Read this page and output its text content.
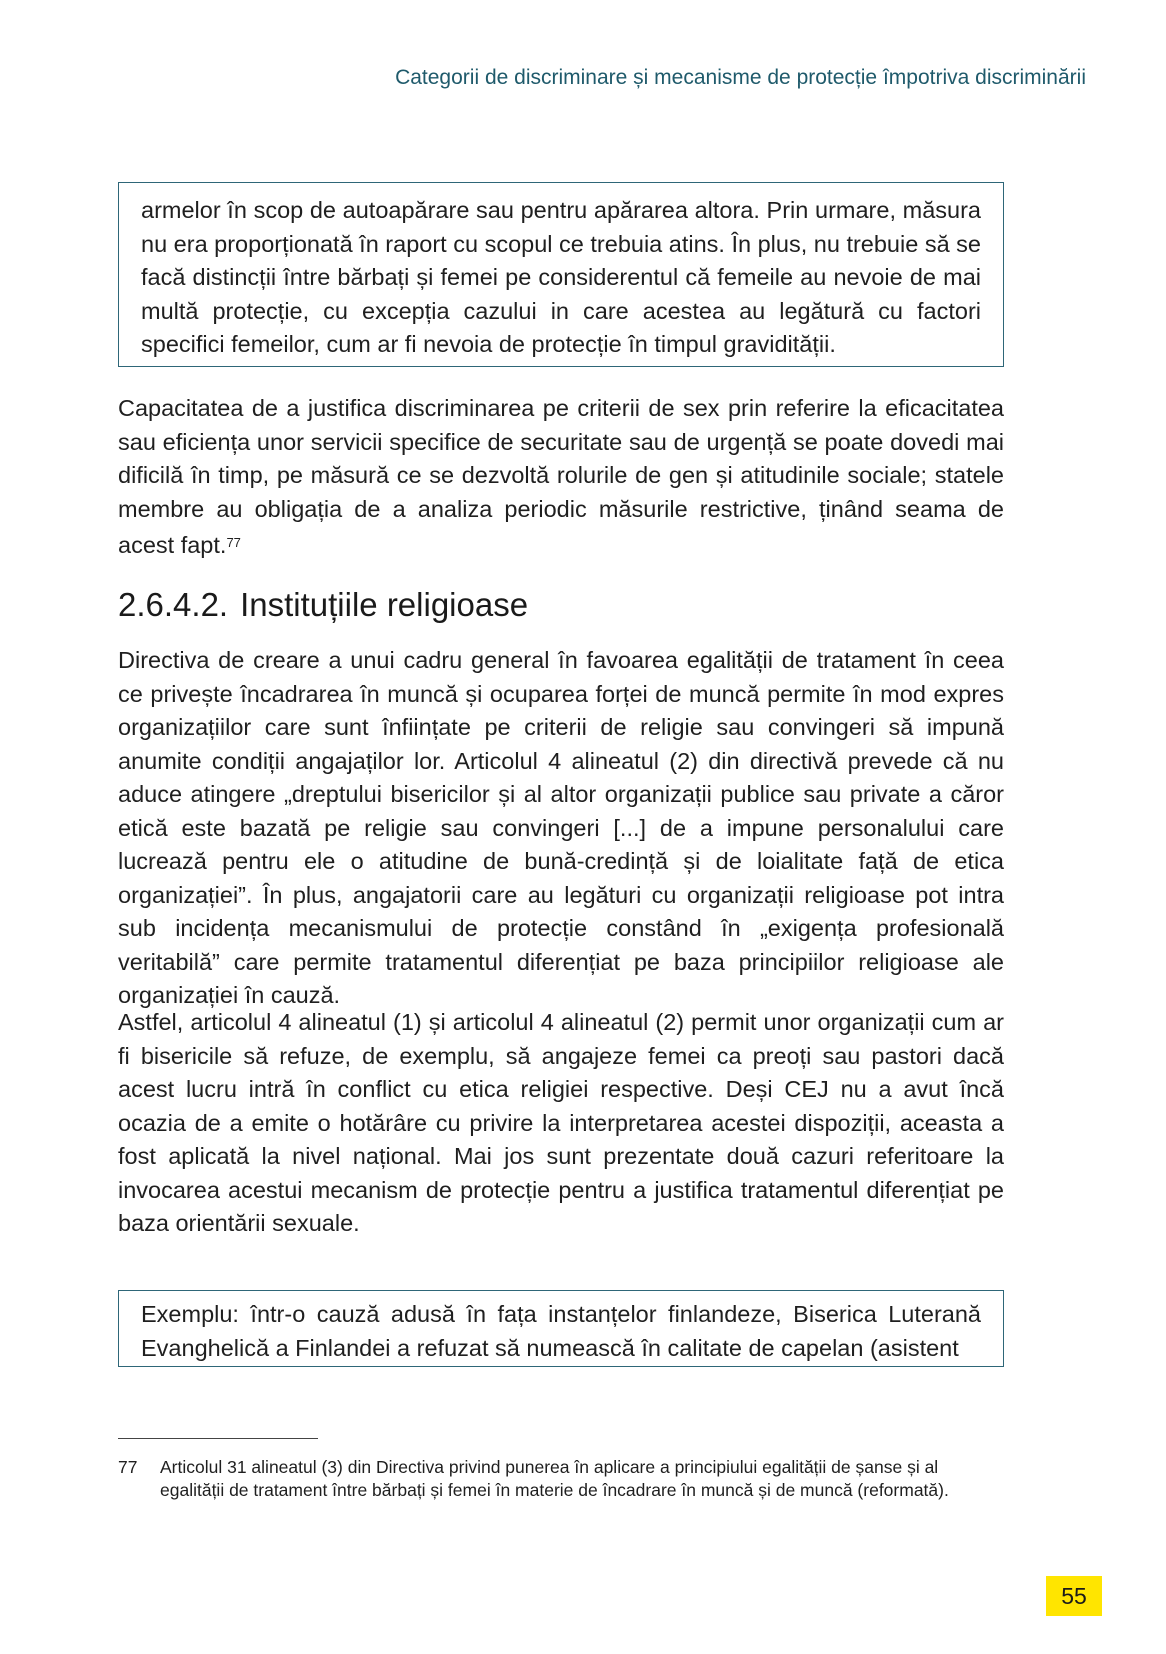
Categorii de discriminare și mecanisme de protecție împotriva discriminării

armelor în scop de autoapărare sau pentru apărarea altora. Prin urmare, măsura nu era proporționată în raport cu scopul ce trebuia atins. În plus, nu trebuie să se facă distincții între bărbați și femei pe considerentul că femeile au nevoie de mai multă protecție, cu excepția cazului in care acestea au legătură cu factori specifici femeilor, cum ar fi nevoia de protecție în timpul gravidității.

Capacitatea de a justifica discriminarea pe criterii de sex prin referire la eficacitatea sau eficiența unor servicii specifice de securitate sau de urgență se poate dovedi mai dificilă în timp, pe măsură ce se dezvoltă rolurile de gen și atitudinile sociale; statele membre au obligația de a analiza periodic măsurile restrictive, ținând seama de acest fapt.$^{77}$

2.6.4.2. Instituțiile religioase

Directiva de creare a unui cadru general în favoarea egalității de tratament în ceea ce privește încadrarea în muncă și ocuparea forței de muncă permite în mod expres organizațiilor care sunt înființate pe criterii de religie sau convingeri să impună anumite condiții angajaților lor. Articolul 4 alineatul (2) din directivă prevede că nu aduce atingere „dreptului bisericilor și al altor organizații publice sau private a căror etică este bazată pe religie sau convingeri [...] de a impune personalului care lucrează pentru ele o atitudine de bună-credință și de loialitate față de etica organizației”. În plus, angajatorii care au legături cu organizații religioase pot intra sub incidența mecanismului de protecție constând în „exigența profesională veritabilă” care permite tratamentul diferențiat pe baza principiilor religioase ale organizației în cauză.

Astfel, articolul 4 alineatul (1) și articolul 4 alineatul (2) permit unor organizații cum ar fi bisericile să refuze, de exemplu, să angajeze femei ca preoți sau pastori dacă acest lucru intră în conflict cu etica religiei respective. Deși CEJ nu a avut încă ocazia de a emite o hotărâre cu privire la interpretarea acestei dispoziții, aceasta a fost aplicată la nivel național. Mai jos sunt prezentate două cazuri referitoare la invocarea acestui mecanism de protecție pentru a justifica tratamentul diferențiat pe baza orientării sexuale.

Exemplu: într-o cauză adusă în fața instanțelor finlandeze, Biserica Luterană Evanghelică a Finlandei a refuzat să numească în calitate de capelan (asistent

77	Articolul 31 alineatul (3) din Directiva privind punerea în aplicare a principiului egalității de șanse și al egalității de tratament între bărbați și femei în materie de încadrare în muncă și de muncă (reformată).
55
